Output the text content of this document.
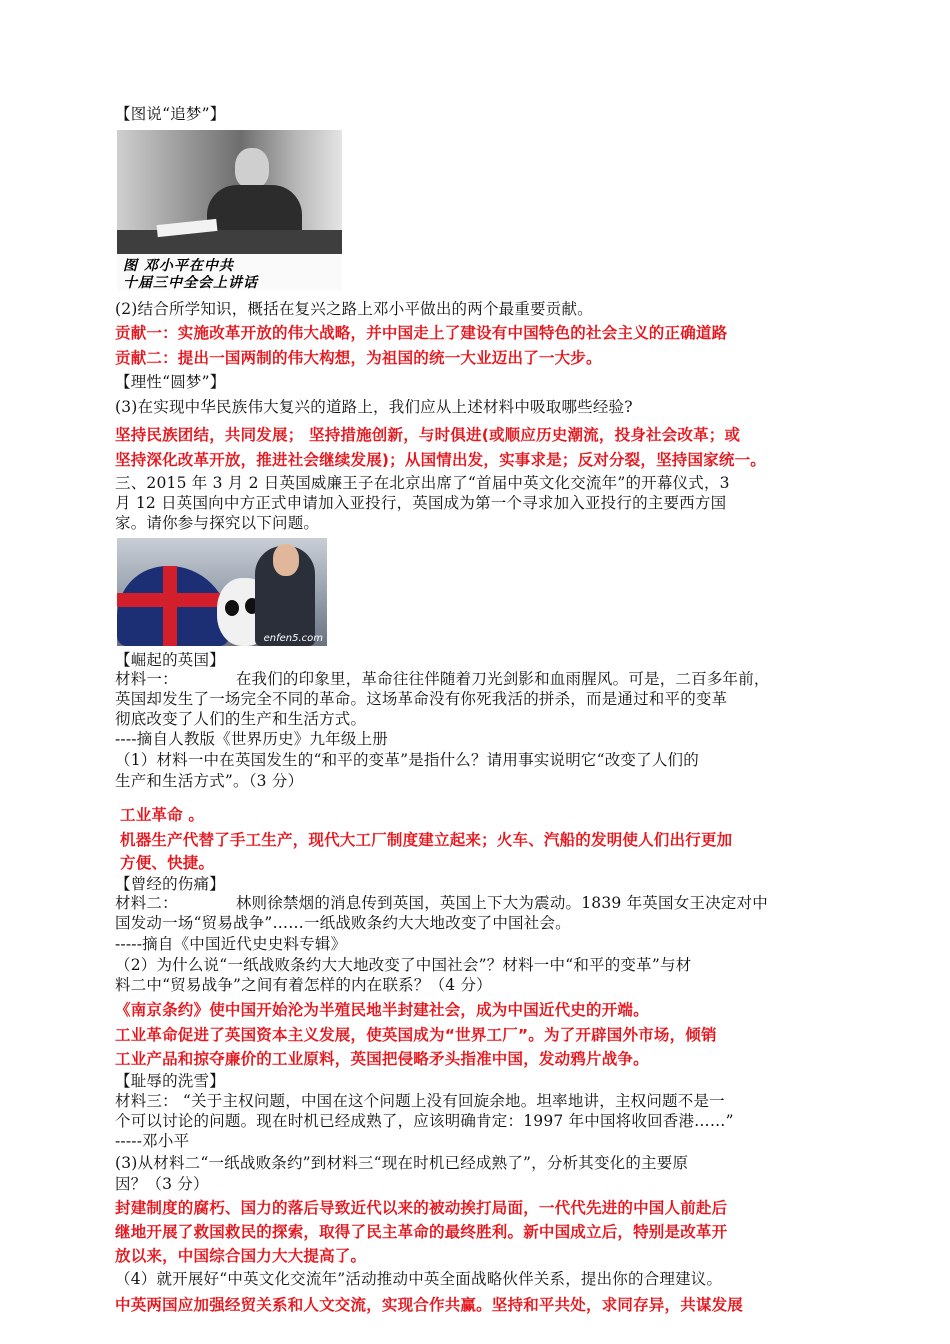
【图说“追梦”】
图 邓小平在中共
十届三中全会上讲话
(2)结合所学知识，概括在复兴之路上邓小平做出的两个最重要贡献。
贡献一：实施改革开放的伟大战略，并中国走上了建设有中国特色的社会主义的正确道路
贡献二：提出一国两制的伟大构想，为祖国的统一大业迈出了一大步。
【理性“圆梦”】
(3)在实现中华民族伟大复兴的道路上，我们应从上述材料中吸取哪些经验?
坚持民族团结，共同发展； 坚持措施创新，与时俱进(或顺应历史潮流，投身社会改革；或
坚持深化改革开放，推进社会继续发展)；从国情出发，实事求是；反对分裂，坚持国家统一。
三、2015 年 3 月 2 日英国威廉王子在北京出席了“首届中英文化交流年”的开幕仪式，3
月 12 日英国向中方正式申请加入亚投行，英国成为第一个寻求加入亚投行的主要西方国
家。请你参与探究以下问题。
enfen5.com
【崛起的英国】
材料一：	在我们的印象里，革命往往伴随着刀光剑影和血雨腥风。可是，二百多年前，
英国却发生了一场完全不同的革命。这场革命没有你死我活的拼杀，而是通过和平的变革
彻底改变了人们的生产和生活方式。
----摘自人教版《世界历史》九年级上册
（1）材料一中在英国发生的“和平的变革”是指什么？请用事实说明它“改变了人们的
生产和生活方式”。（3 分）
工业革命 。
机器生产代替了手工生产，现代大工厂制度建立起来；火车、汽船的发明使人们出行更加
方便、快捷。
【曾经的伤痛】
材料二：	林则徐禁烟的消息传到英国，英国上下大为震动。1839 年英国女王决定对中
国发动一场“贸易战争”……一纸战败条约大大地改变了中国社会。
-----摘自《中国近代史史料专辑》
（2）为什么说“一纸战败条约大大地改变了中国社会”？材料一中“和平的变革”与材
料二中“贸易战争”之间有着怎样的内在联系？（4 分）
《南京条约》使中国开始沦为半殖民地半封建社会，成为中国近代史的开端。
工业革命促进了英国资本主义发展，使英国成为“世界工厂”。为了开辟国外市场，倾销
工业产品和掠夺廉价的工业原料，英国把侵略矛头指准中国，发动鸦片战争。
【耻辱的洗雪】
材料三： “关于主权问题，中国在这个问题上没有回旋余地。坦率地讲，主权问题不是一
个可以讨论的问题。现在时机已经成熟了，应该明确肯定：1997 年中国将收回香港……”
-----邓小平
(3)从材料二“一纸战败条约”到材料三“现在时机已经成熟了”，分析其变化的主要原
因？（3 分）
封建制度的腐朽、国力的落后导致近代以来的被动挨打局面，一代代先进的中国人前赴后
继地开展了救国救民的探索，取得了民主革命的最终胜利。新中国成立后，特别是改革开
放以来，中国综合国力大大提高了。
（4）就开展好“中英文化交流年”活动推动中英全面战略伙伴关系，提出你的合理建议。
中英两国应加强经贸关系和人文交流，实现合作共赢。坚持和平共处，求同存异，共谋发展
